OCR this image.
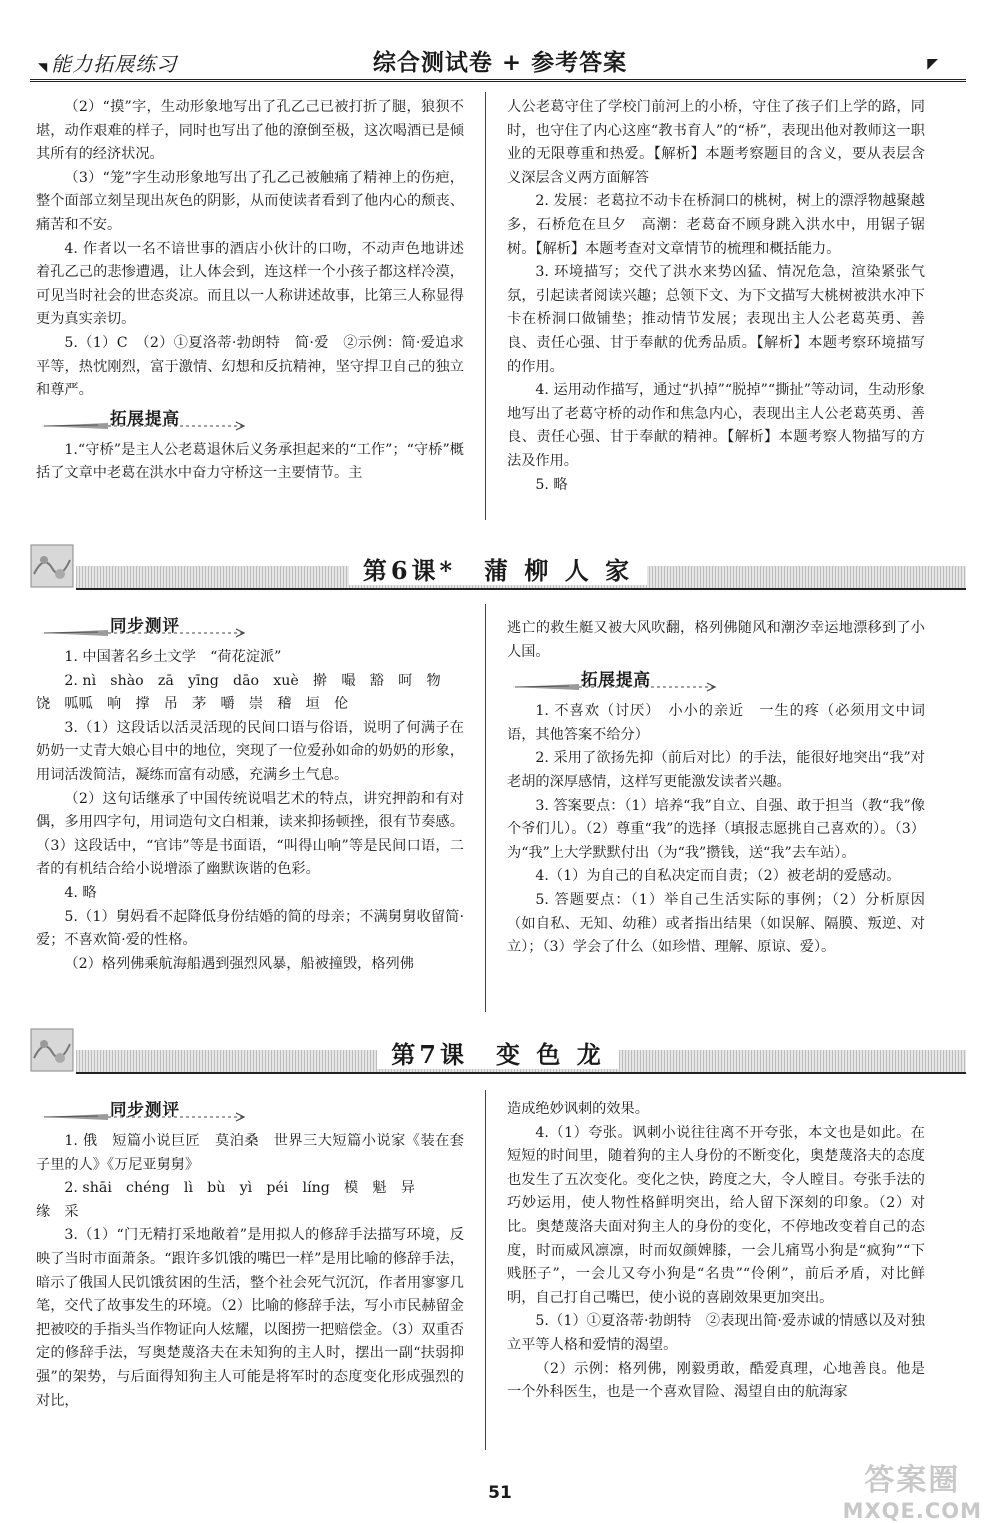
◥ 能力拓展练习	综合测试卷 + 参考答案	◤

（2）“摸”字，生动形象地写出了孔乙己已被打折了腿，狼狈不堪，动作艰难的样子，同时也写出了他的潦倒至极，这次喝酒已是倾其所有的经济状况。

（3）“笼”字生动形象地写出了孔乙己被触痛了精神上的伤疤，整个面部立刻呈现出灰色的阴影，从而使读者看到了他内心的颓丧、痛苦和不安。

4. 作者以一名不谙世事的酒店小伙计的口吻，不动声色地讲述着孔乙己的悲惨遭遇，让人体会到，连这样一个小孩子都这样冷漠，可见当时社会的世态炎凉。而且以一人称讲述故事，比第三人称显得更为真实亲切。

5.（1）C　（2）①夏洛蒂·勃朗特　简·爱　②示例：简·爱追求平等，热忱刚烈，富于激情、幻想和反抗精神，坚守捍卫自己的独立和尊严。

拓展提高

1.“守桥”是主人公老葛退休后义务承担起来的“工作”；“守桥”概括了文章中老葛在洪水中奋力守桥这一主要情节。主

人公老葛守住了学校门前河上的小桥，守住了孩子们上学的路，同时，也守住了内心这座“教书育人”的“桥”，表现出他对教师这一职业的无限尊重和热爱。【解析】本题考察题目的含义，要从表层含义深层含义两方面解答

2. 发展：老葛拉不动卡在桥洞口的桃树，树上的漂浮物越聚越多，石桥危在旦夕　高潮：老葛奋不顾身跳入洪水中，用锯子锯树。【解析】本题考查对文章情节的梳理和概括能力。

3. 环境描写；交代了洪水来势凶猛、情况危急，渲染紧张气氛，引起读者阅读兴趣；总领下文、为下文描写大桃树被洪水冲下卡在桥洞口做铺垫；推动情节发展；表现出主人公老葛英勇、善良、责任心强、甘于奉献的优秀品质。【解析】本题考察环境描写的作用。

4. 运用动作描写，通过“扒掉”“脱掉”“撕扯”等动词，生动形象地写出了老葛守桥的动作和焦急内心，表现出主人公老葛英勇、善良、责任心强、甘于奉献的精神。【解析】本题考察人物描写的方法及作用。

5. 略

第6课*　蒲 柳 人 家
同步测评

1. 中国著名乡土文学　“荷花淀派”

2. nì　shào　zā　yīng　dāo　xuè　擀　嘬　豁　呵　物

饶　呱呱　响　撑　吊　茅　嚼　崇　稽　垣　伦

3.（1）这段话以活灵活现的民间口语与俗语，说明了何满子在奶奶一丈青大娘心目中的地位，突现了一位爱孙如命的奶奶的形象，用词活泼简洁，凝练而富有动感，充满乡土气息。

（2）这句话继承了中国传统说唱艺术的特点，讲究押韵和有对偶，多用四字句，用词造句文白相兼，读来抑扬顿挫，很有节奏感。（3）这段话中，“官讳”等是书面语，“叫得山响”等是民间口语，二者的有机结合给小说增添了幽默诙谐的色彩。

4. 略

5.（1）舅妈看不起降低身份结婚的简的母亲；不满舅舅收留简·爱；不喜欢简·爱的性格。

（2）格列佛乘航海船遇到强烈风暴，船被撞毁，格列佛

逃亡的救生艇又被大风吹翻，格列佛随风和潮汐幸运地漂移到了小人国。

拓展提高

1. 不喜欢（讨厌）　小小的亲近　一生的疼（必须用文中词语，其他答案不给分）

2. 采用了欲扬先抑（前后对比）的手法，能很好地突出“我”对老胡的深厚感情，这样写更能激发读者兴趣。

3. 答案要点：（1）培养“我”自立、自强、敢于担当（教“我”像个爷们儿）。（2）尊重“我”的选择（填报志愿挑自己喜欢的）。（3）为“我”上大学默默付出（为“我”攒钱，送“我”去车站）。

4.（1）为自己的自私决定而自责；（2）被老胡的爱感动。

5. 答题要点：（1）举自己生活实际的事例；（2）分析原因（如自私、无知、幼稚）或者指出结果（如误解、隔膜、叛逆、对立）；（3）学会了什么（如珍惜、理解、原谅、爱）。

第7课　变 色 龙
同步测评

1. 俄　短篇小说巨匠　莫泊桑　世界三大短篇小说家《装在套子里的人》《万尼亚舅舅》

2. shāi　chéng　lì　bù　yì　péi　líng　模　魁　异

缘　采

3.（1）“门无精打采地敞着”是用拟人的修辞手法描写环境，反映了当时市面萧条。“跟许多饥饿的嘴巴一样”是用比喻的修辞手法，暗示了俄国人民饥饿贫困的生活，整个社会死气沉沉，作者用寥寥几笔，交代了故事发生的环境。（2）比喻的修辞手法，写小市民赫留金把被咬的手指头当作物证向人炫耀，以图捞一把赔偿金。（3）双重否定的修辞手法，写奥楚蔑洛夫在未知狗的主人时，摆出一副“扶弱抑强”的架势，与后面得知狗主人可能是将军时的态度变化形成强烈的对比，

造成绝妙讽刺的效果。

4.（1）夸张。讽刺小说往往离不开夸张，本文也是如此。在短短的时间里，随着狗的主人身份的不断变化，奥楚蔑洛夫的态度也发生了五次变化。变化之快，跨度之大，令人瞠目。夸张手法的巧妙运用，使人物性格鲜明突出，给人留下深刻的印象。（2）对比。奥楚蔑洛夫面对狗主人的身份的变化，不停地改变着自己的态度，时而威风凛凛，时而奴颜婢膝，一会儿痛骂小狗是“疯狗”“下贱胚子”，一会儿又夸小狗是“名贵”“伶俐”，前后矛盾，对比鲜明，自己打自己嘴巴，使小说的喜剧效果更加突出。

5.（1）①夏洛蒂·勃朗特　②表现出简·爱赤诚的情感以及对独立平等人格和爱情的渴望。

（2）示例：格列佛，刚毅勇敢，酷爱真理，心地善良。他是一个外科医生，也是一个喜欢冒险、渴望自由的航海家

51	答案圈
MXQE.COM
